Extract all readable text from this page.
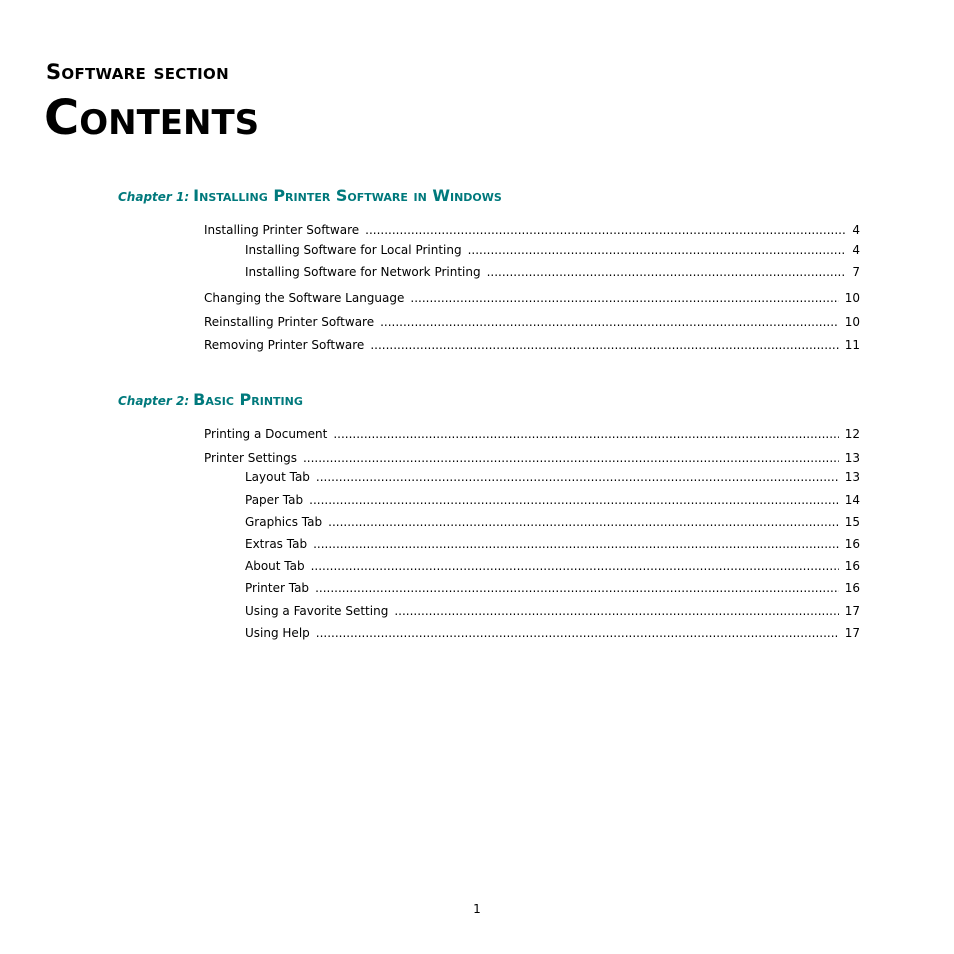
Software section
Contents
Chapter 1: Installing Printer Software in Windows
Installing Printer Software .....	4
Installing Software for Local Printing .....	4
Installing Software for Network Printing .....	7
Changing the Software Language .....	10
Reinstalling Printer Software .....	10
Removing Printer Software .....	11
Chapter 2: Basic Printing
Printing a Document .....	12
Printer Settings .....	13
Layout Tab .....	13
Paper Tab .....	14
Graphics Tab .....	15
Extras Tab .....	16
About Tab .....	16
Printer Tab .....	16
Using a Favorite Setting .....	17
Using Help .....	17
1
